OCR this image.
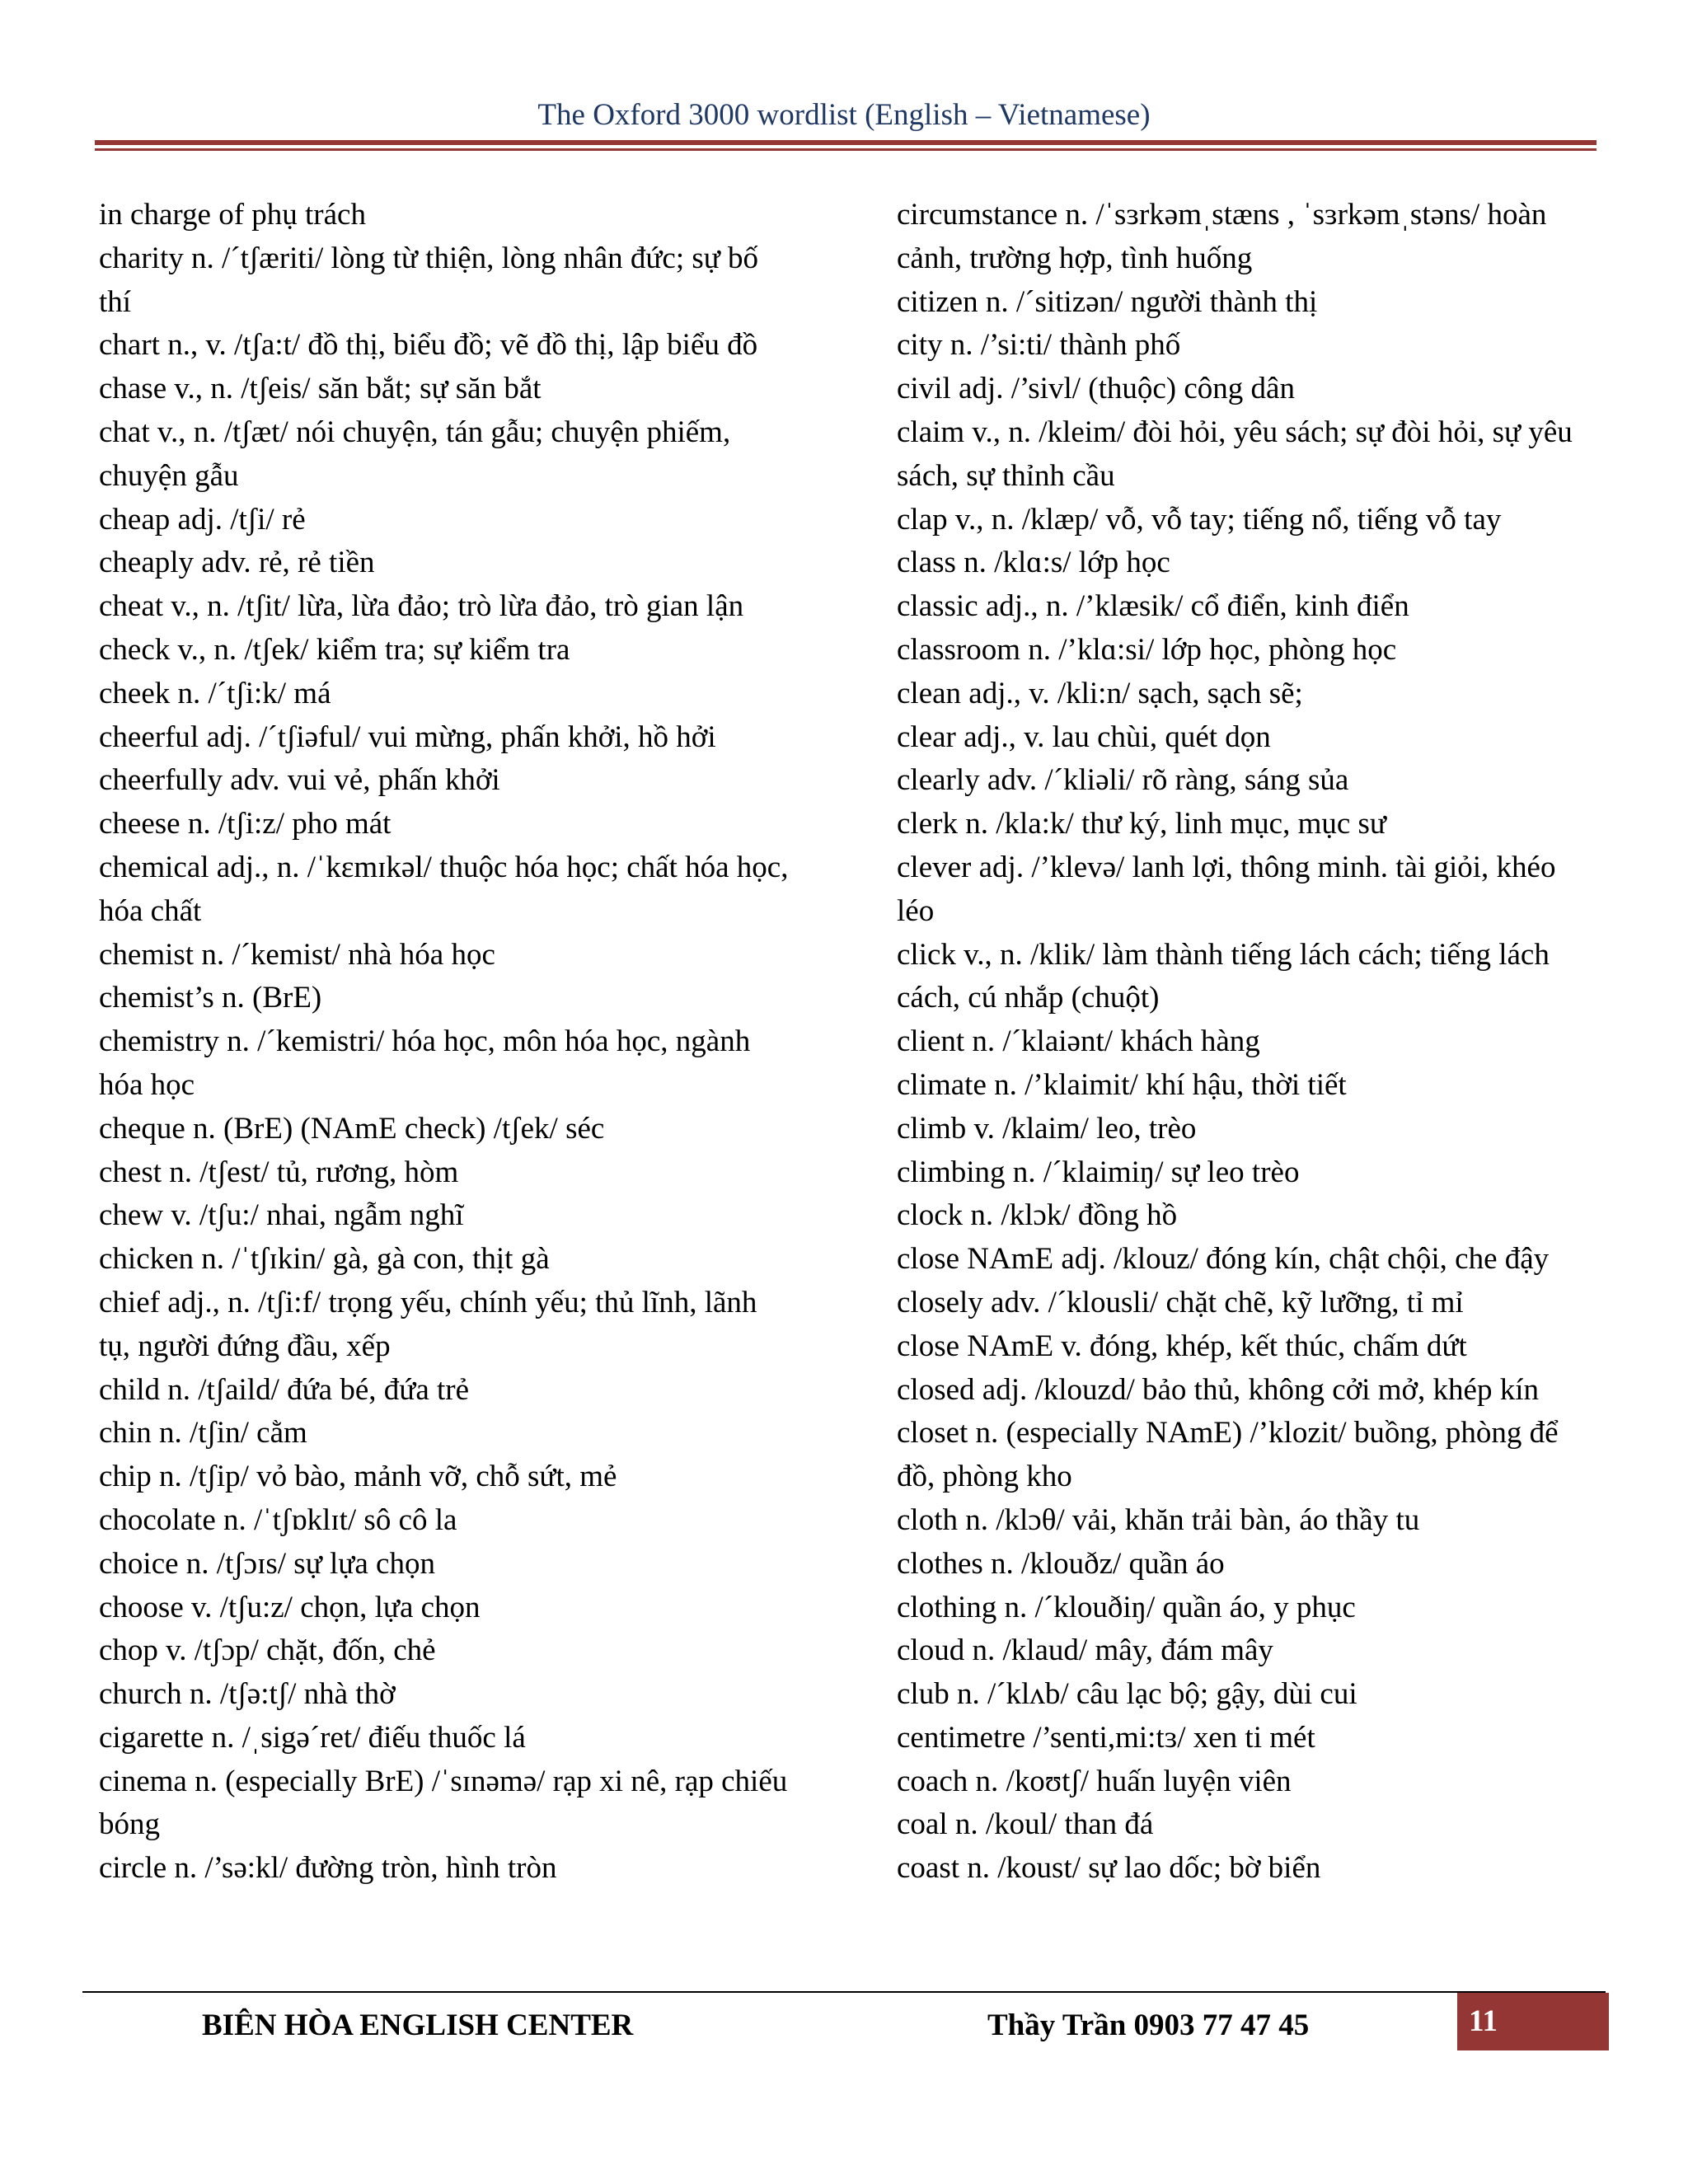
The Oxford 3000 wordlist (English – Vietnamese)

in charge of phụ trách

charity n. /´tʃæriti/ lòng từ thiện, lòng nhân đức; sự bố thí

chart n., v. /tʃa:t/ đồ thị, biểu đồ; vẽ đồ thị, lập biểu đồ

chase v., n. /tʃeis/ săn bắt; sự săn bắt

chat v., n. /tʃæt/ nói chuyện, tán gẫu; chuyện phiếm, chuyện gẫu

cheap adj. /tʃi/ rẻ

cheaply adv. rẻ, rẻ tiền

cheat v., n. /tʃit/ lừa, lừa đảo; trò lừa đảo, trò gian lận

check v., n. /tʃek/ kiểm tra; sự kiểm tra

cheek n. /´tʃi:k/ má

cheerful adj. /´tʃiəful/ vui mừng, phấn khởi, hồ hởi

cheerfully adv. vui vẻ, phấn khởi

cheese n. /tʃi:z/ pho mát

chemical adj., n. /ˈkɛmɪkəl/ thuộc hóa học; chất hóa học, hóa chất

chemist n. /´kemist/ nhà hóa học

chemist’s n. (BrE)

chemistry n. /´kemistri/ hóa học, môn hóa học, ngành hóa học

cheque n. (BrE) (NAmE check) /tʃek/ séc

chest n. /tʃest/ tủ, rương, hòm

chew v. /tʃu:/ nhai, ngẫm nghĩ

chicken n. /ˈtʃɪkin/ gà, gà con, thịt gà

chief adj., n. /tʃi:f/ trọng yếu, chính yếu; thủ lĩnh, lãnh tụ, người đứng đầu, xếp

child n. /tʃaild/ đứa bé, đứa trẻ

chin n. /tʃin/ cằm

chip n. /tʃip/ vỏ bào, mảnh vỡ, chỗ sứt, mẻ

chocolate n. /ˈtʃɒklɪt/ sô cô la

choice n. /tʃɔɪs/ sự lựa chọn

choose v. /tʃu:z/ chọn, lựa chọn

chop v. /tʃɔp/ chặt, đốn, chẻ

church n. /tʃə:tʃ/ nhà thờ

cigarette n. /ˌsigə´ret/ điếu thuốc lá

cinema n. (especially BrE) /ˈsɪnəmə/ rạp xi nê, rạp chiếu bóng

circle n. /’sə:kl/ đường tròn, hình tròn

circumstance n. /ˈsɜrkəmˌstæns , ˈsɜrkəmˌstəns/ hoàn cảnh, trường hợp, tình huống

citizen n. /´sitizən/ người thành thị

city n. /’si:ti/ thành phố

civil adj. /’sivl/ (thuộc) công dân

claim v., n. /kleim/ đòi hỏi, yêu sách; sự đòi hỏi, sự yêu sách, sự thỉnh cầu

clap v., n. /klæp/ vỗ, vỗ tay; tiếng nổ, tiếng vỗ tay

class n. /klɑ:s/ lớp học

classic adj., n. /’klæsik/ cổ điển, kinh điển

classroom n. /’klɑ:si/ lớp học, phòng học

clean adj., v. /kli:n/ sạch, sạch sẽ;

clear adj., v. lau chùi, quét dọn

clearly adv. /´kliəli/ rõ ràng, sáng sủa

clerk n. /kla:k/ thư ký, linh mục, mục sư

clever adj. /’klevə/ lanh lợi, thông minh. tài giỏi, khéo léo

click v., n. /klik/ làm thành tiếng lách cách; tiếng lách cách, cú nhắp (chuột)

client n. /´klaiənt/ khách hàng

climate n. /’klaimit/ khí hậu, thời tiết

climb v. /klaim/ leo, trèo

climbing n. /´klaimiŋ/ sự leo trèo

clock n. /klɔk/ đồng hồ

close NAmE adj. /klouz/ đóng kín, chật chội, che đậy

closely adv. /´klousli/ chặt chẽ, kỹ lưỡng, tỉ mỉ

close NAmE v. đóng, khép, kết thúc, chấm dứt

closed adj. /klouzd/ bảo thủ, không cởi mở, khép kín

closet n. (especially NAmE) /’klozit/ buồng, phòng để đồ, phòng kho

cloth n. /klɔθ/ vải, khăn trải bàn, áo thầy tu

clothes n. /klouðz/ quần áo

clothing n. /´klouðiŋ/ quần áo, y phục

cloud n. /klaud/ mây, đám mây

club n. /´klʌb/ câu lạc bộ; gậy, dùi cui

centimetre /’senti,mi:tɜ/ xen ti mét

coach n. /koʊtʃ/ huấn luyện viên

coal n. /koul/ than đá

coast n. /koust/ sự lao dốc; bờ biển

BIÊN HÒA ENGLISH CENTER	Thầy Trần 0903 77 47 45	11
